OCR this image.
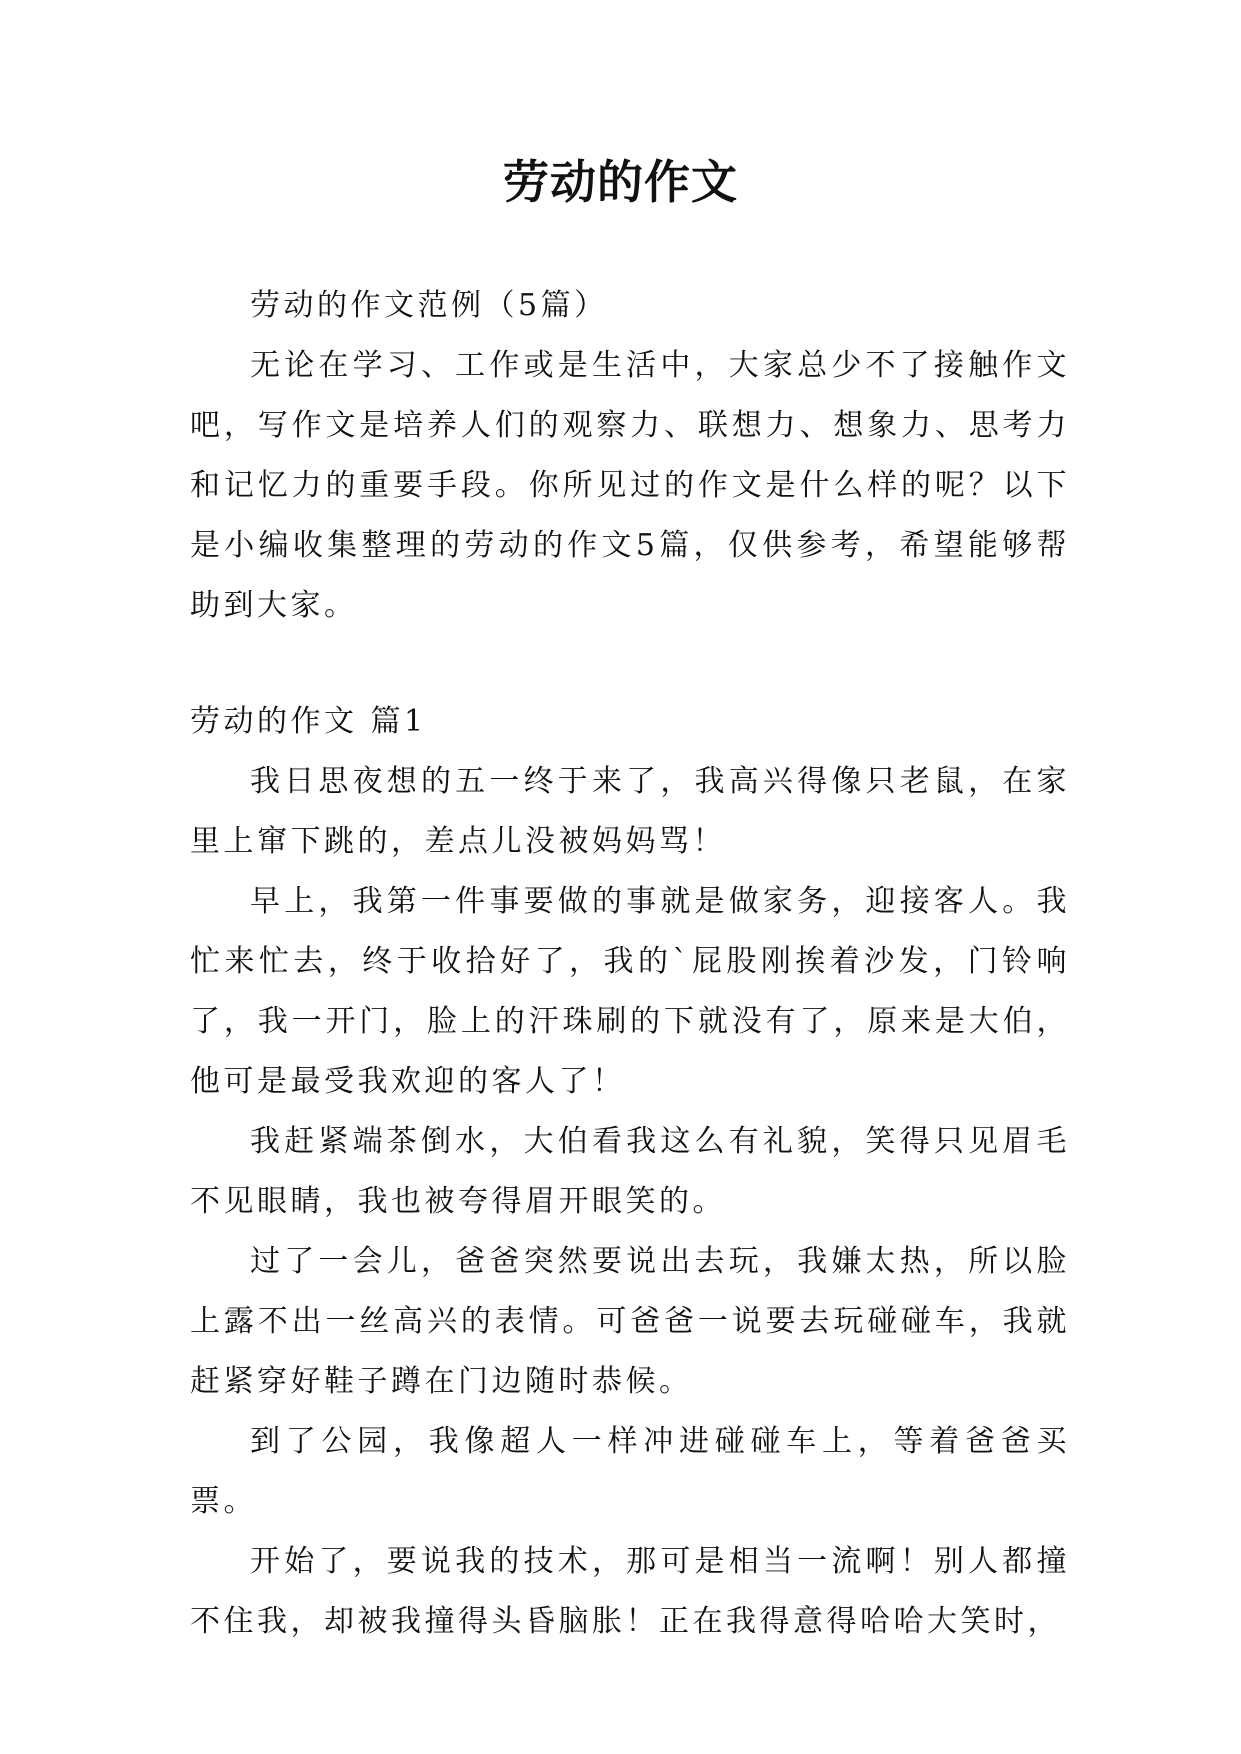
劳动的作文

劳动的作文范例（5篇）

无论在学习、工作或是生活中，大家总少不了接触作文吧，写作文是培养人们的观察力、联想力、想象力、思考力和记忆力的重要手段。你所见过的作文是什么样的呢？以下是小编收集整理的劳动的作文5篇，仅供参考，希望能够帮助到大家。

劳动的作文 篇1

我日思夜想的五一终于来了，我高兴得像只老鼠，在家里上窜下跳的，差点儿没被妈妈骂！

早上，我第一件事要做的事就是做家务，迎接客人。我忙来忙去，终于收拾好了，我的`屁股刚挨着沙发，门铃响了，我一开门，脸上的汗珠刷的下就没有了，原来是大伯，他可是最受我欢迎的客人了！

我赶紧端茶倒水，大伯看我这么有礼貌，笑得只见眉毛不见眼睛，我也被夸得眉开眼笑的。

过了一会儿，爸爸突然要说出去玩，我嫌太热，所以脸上露不出一丝高兴的表情。可爸爸一说要去玩碰碰车，我就赶紧穿好鞋子蹲在门边随时恭候。

到了公园，我像超人一样冲进碰碰车上，等着爸爸买票。

开始了，要说我的技术，那可是相当一流啊！别人都撞不住我，却被我撞得头昏脑胀！正在我得意得哈哈大笑时，
